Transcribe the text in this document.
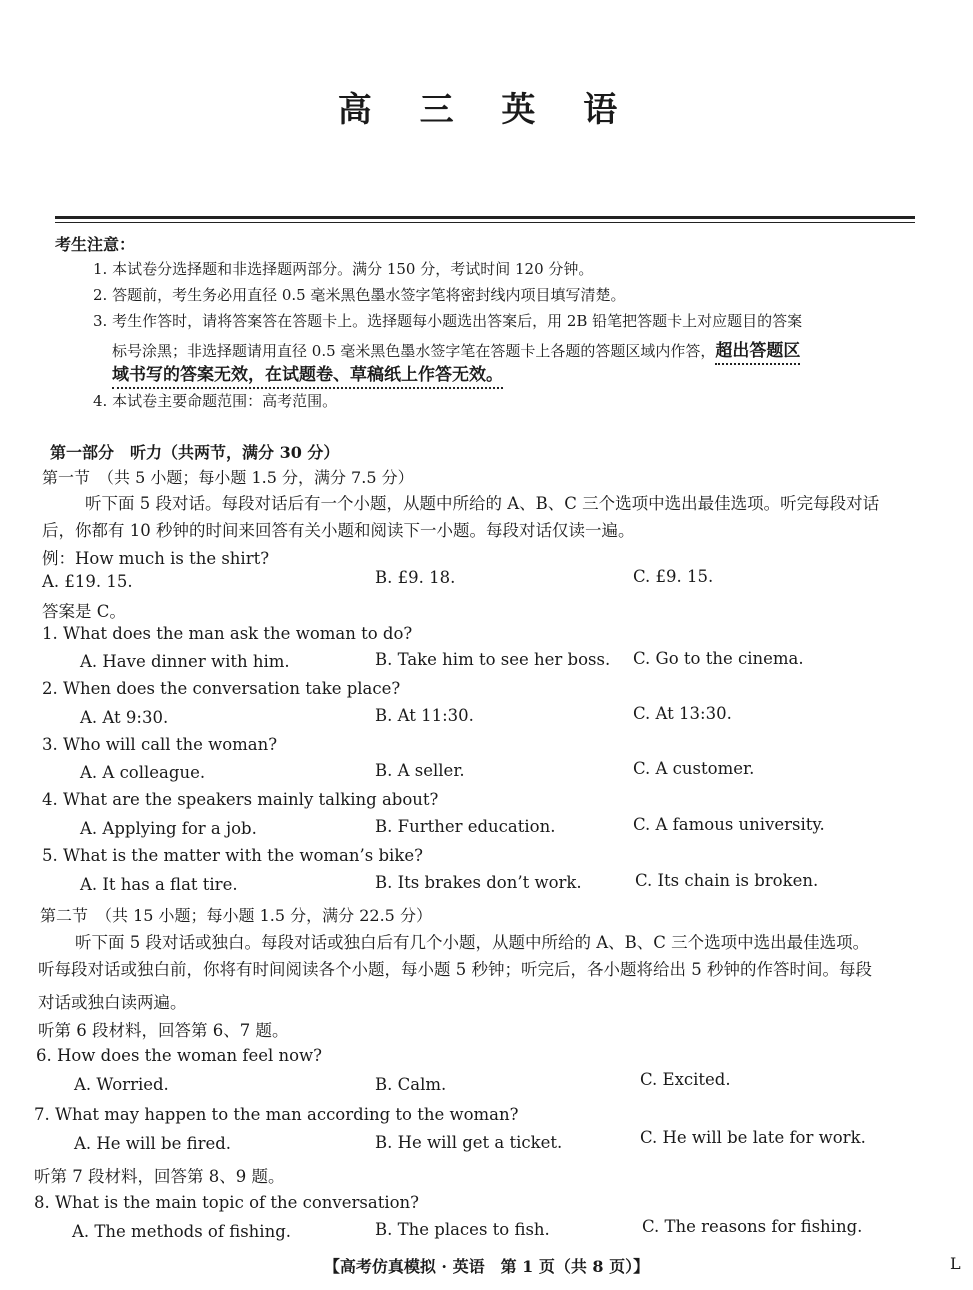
高 三 英 语
考生注意：
1. 本试卷分选择题和非选择题两部分。满分 150 分，考试时间 120 分钟。
2. 答题前，考生务必用直径 0.5 毫米黑色墨水签字笔将密封线内项目填写清楚。
3. 考生作答时，请将答案答在答题卡上。选择题每小题选出答案后，用 2B 铅笔把答题卡上对应题目的答案
标号涂黑；非选择题请用直径 0.5 毫米黑色墨水签字笔在答题卡上各题的答题区域内作答，超出答题区
域书写的答案无效，在试题卷、草稿纸上作答无效。
4. 本试卷主要命题范围：高考范围。
第一部分　听力（共两节，满分 30 分）
第一节　（共 5 小题；每小题 1.5 分，满分 7.5 分）
听下面 5 段对话。每段对话后有一个小题，从题中所给的 A、B、C 三个选项中选出最佳选项。听完每段对话
后，你都有 10 秒钟的时间来回答有关小题和阅读下一小题。每段对话仅读一遍。
例：How much is the shirt?
A. £19. 15.	B. £9. 18.	C. £9. 15.
答案是 C。
1. What does the man ask the woman to do?
A. Have dinner with him.	B. Take him to see her boss. C. Go to the cinema.
2. When does the conversation take place?
A. At 9:30.	B. At 11:30.	C. At 13:30.
3. Who will call the woman?
A. A colleague.	B. A seller.	C. A customer.
4. What are the speakers mainly talking about?
A. Applying for a job.	B. Further education.	C. A famous university.
5. What is the matter with the woman’s bike?
A. It has a flat tire.	B. Its brakes don’t work.	C. Its chain is broken.
第二节　（共 15 小题；每小题 1.5 分，满分 22.5 分）
听下面 5 段对话或独白。每段对话或独白后有几个小题，从题中所给的 A、B、C 三个选项中选出最佳选项。
听每段对话或独白前，你将有时间阅读各个小题，每小题 5 秒钟；听完后，各小题将给出 5 秒钟的作答时间。每段
对话或独白读两遍。
听第 6 段材料，回答第 6、7 题。
6. How does the woman feel now?
A. Worried.	B. Calm.	C. Excited.
7. What may happen to the man according to the woman?
A. He will be fired.	B. He will get a ticket.	C. He will be late for work.
听第 7 段材料，回答第 8、9 题。
8. What is the main topic of the conversation?
A. The methods of fishing.	B. The places to fish.	C. The reasons for fishing.
【高考仿真模拟 · 英语　第 1 页（共 8 页）】	L
